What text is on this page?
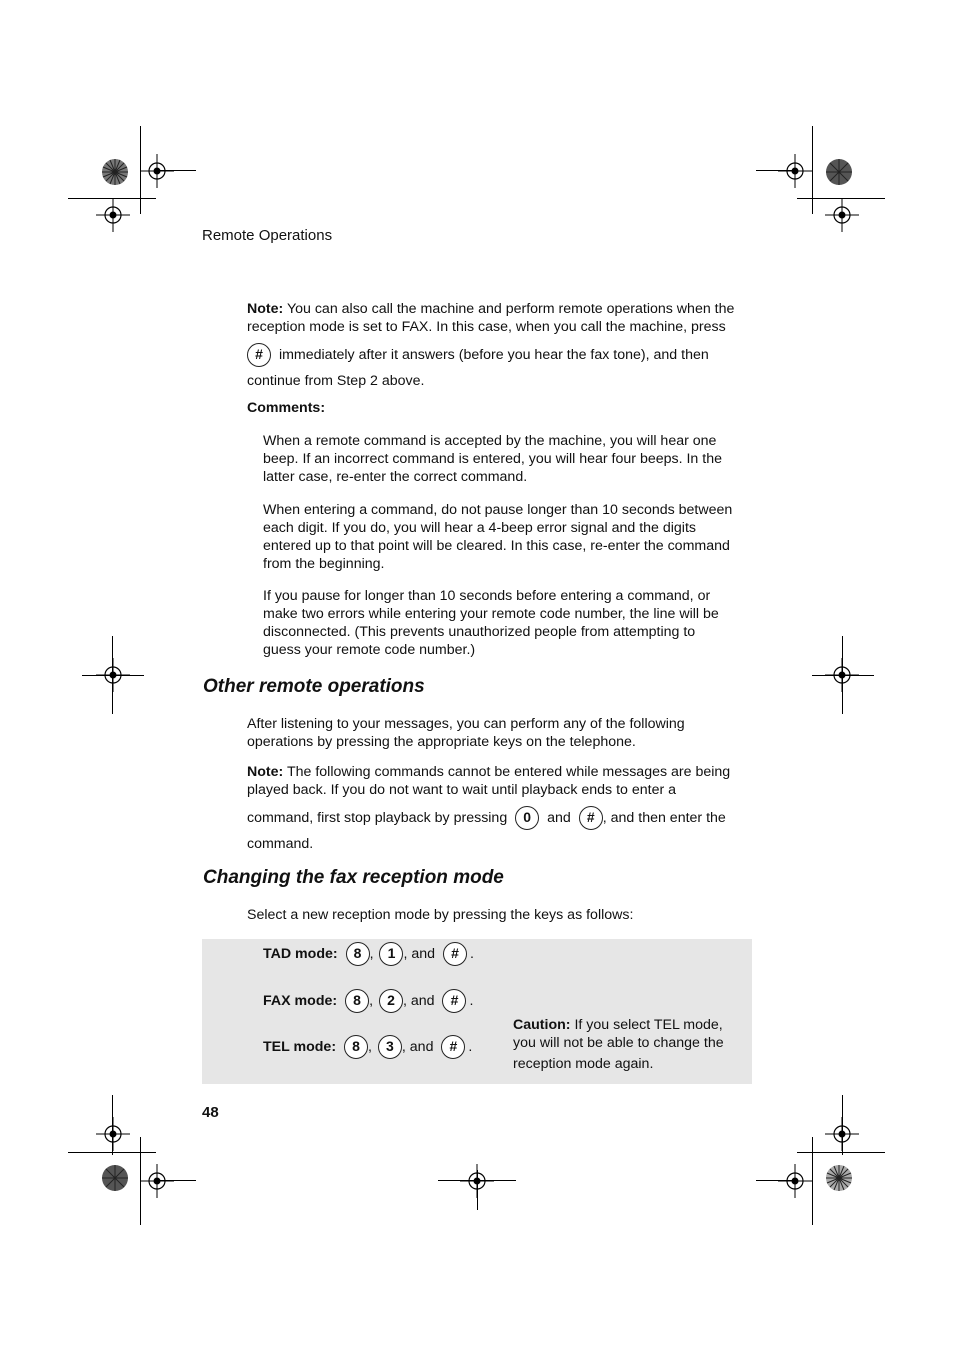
Remote Operations
Note: You can also call the machine and perform remote operations when the
reception mode is set to FAX. In this case, when you call the machine, press
# immediately after it answers (before you hear the fax tone), and then
continue from Step 2 above.
Comments:
When a remote command is accepted by the machine, you will hear one
beep. If an incorrect command is entered, you will hear four beeps. In the
latter case, re-enter the correct command.
When entering a command, do not pause longer than 10 seconds between
each digit. If you do, you will hear a 4-beep error signal and the digits
entered up to that point will be cleared. In this case, re-enter the command
from the beginning.
If you pause for longer than 10 seconds before entering a command, or
make two errors while entering your remote code number, the line will be
disconnected. (This prevents unauthorized people from attempting to
guess your remote code number.)
Other remote operations
After listening to your messages, you can perform any of the following
operations by pressing the appropriate keys on the telephone.
Note: The following commands cannot be entered while messages are being
played back. If you do not want to wait until playback ends to enter a
command, first stop playback by pressing 0 and # , and then enter the
command.
Changing the fax reception mode
Select a new reception mode by pressing the keys as follows:
TAD mode: 8 , 1 , and # .
FAX mode: 8 , 2 , and # .
TEL mode: 8 , 3 , and # .
Caution: If you select TEL mode,
you will not be able to change the
reception mode again.
48
